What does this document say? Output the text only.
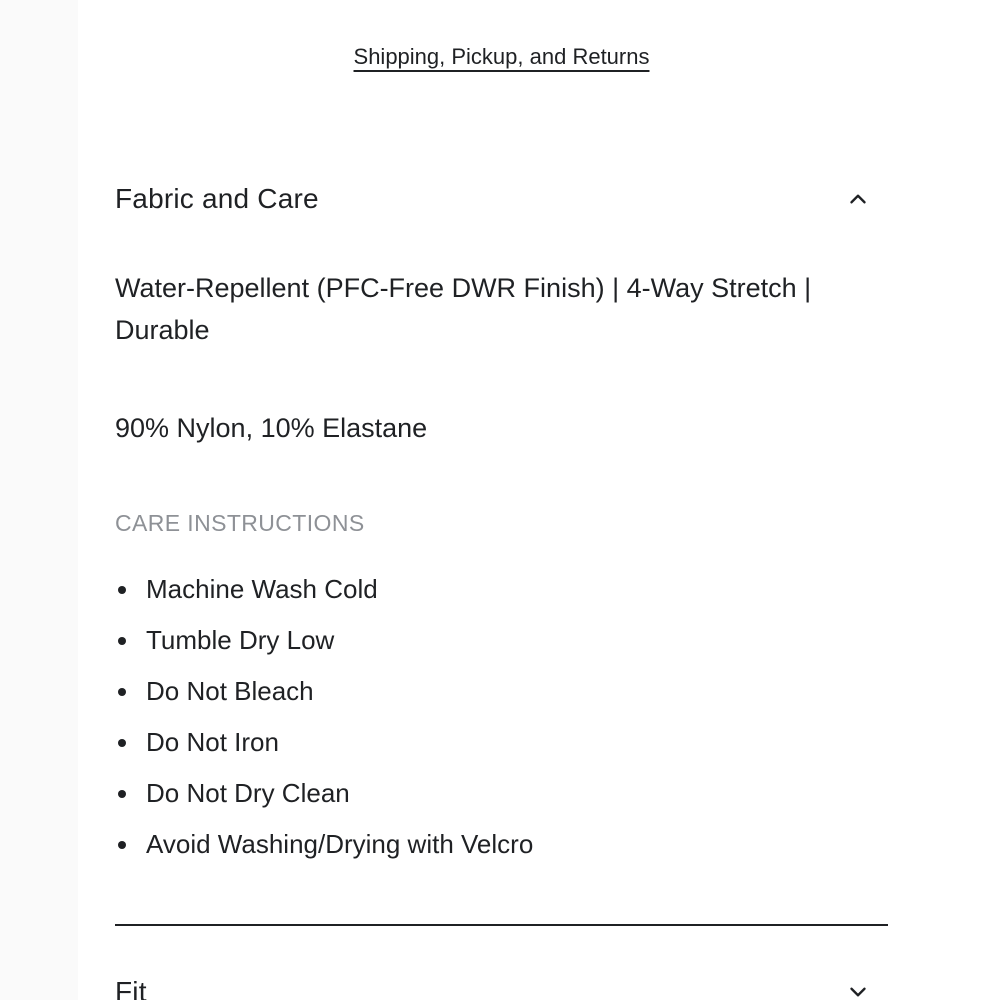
Shipping, Pickup, and Returns
Fabric and Care

Water-Repellent (PFC-Free DWR Finish) | 4-Way Stretch | Durable

90% Nylon, 10% Elastane

CARE INSTRUCTIONS
Machine Wash Cold
Tumble Dry Low
Do Not Bleach
Do Not Iron
Do Not Dry Clean
Avoid Washing/Drying with Velcro
Fit
